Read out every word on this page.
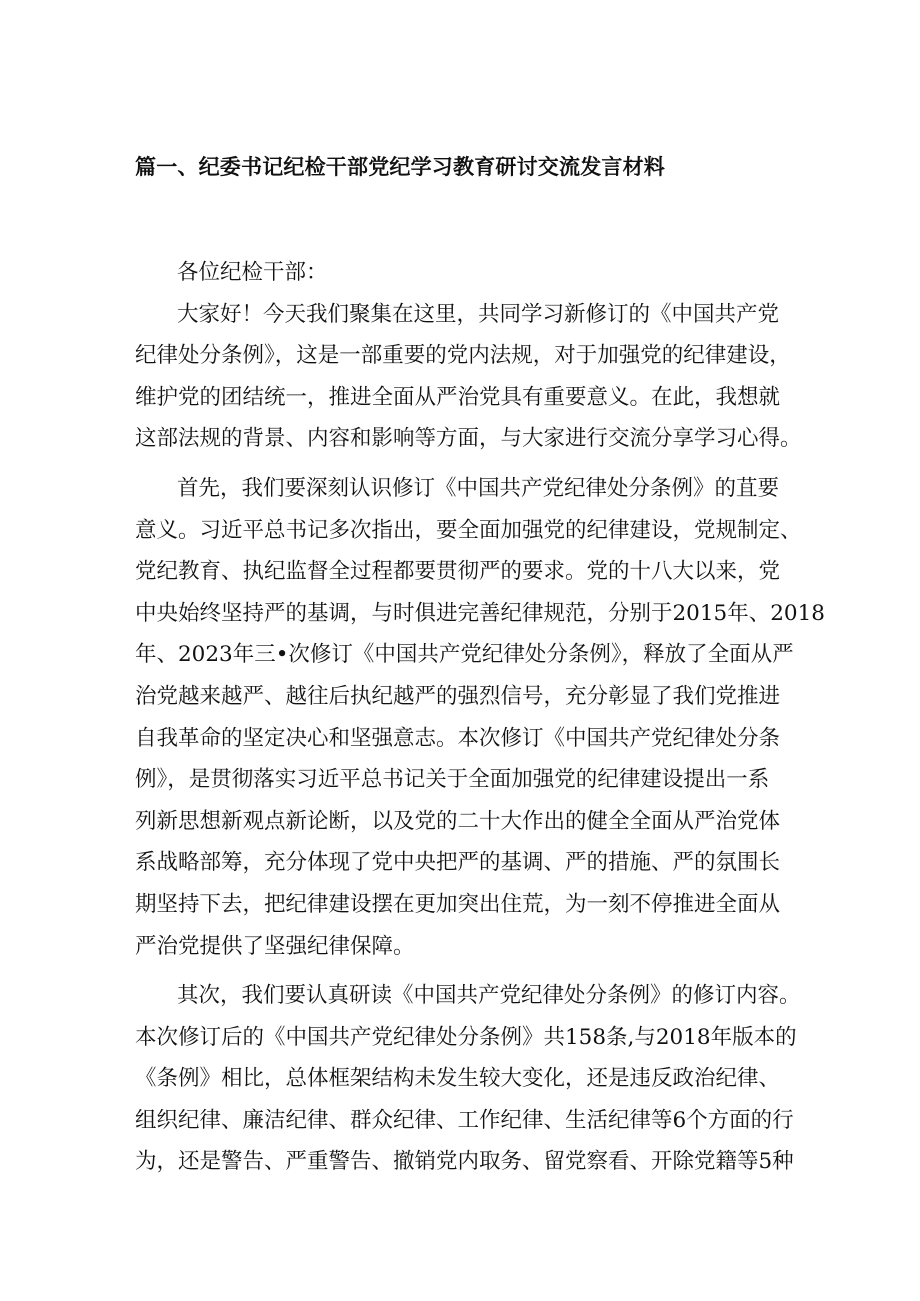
篇一、纪委书记纪检干部党纪学习教育研讨交流发言材料
各位纪检干部：
大家好！今天我们聚集在这里，共同学习新修订的《中国共产党
纪律处分条例》，这是一部重要的党内法规，对于加强党的纪律建设，
维护党的团结统一，推进全面从严治党具有重要意义。在此，我想就
这部法规的背景、内容和影响等方面，与大家进行交流分享学习心得。
首先，我们要深刻认识修订《中国共产党纪律处分条例》的苴要
意义。习近平总书记多次指出，要全面加强党的纪律建设，党规制定、
党纪教育、执纪监督全过程都要贯彻严的要求。党的十八大以来，党
中央始终坚持严的基调，与时俱进完善纪律规范，分别于2015年、2018
年、2023年三•次修订《中国共产党纪律处分条例》，释放了全面从严
治党越来越严、越往后执纪越严的强烈信号，充分彰显了我们党推进
自我革命的坚定决心和坚强意志。本次修订《中国共产党纪律处分条
例》，是贯彻落实习近平总书记关于全面加强党的纪律建设提出一系
列新思想新观点新论断，以及党的二十大作出的健全全面从严治党体
系战略部筹，充分体现了党中央把严的基调、严的措施、严的氛围长
期坚持下去，把纪律建设摆在更加突出住荒，为一刻不停推进全面从
严治党提供了坚强纪律保障。
其次，我们要认真研读《中国共产党纪律处分条例》的修订内容。
本次修订后的《中国共产党纪律处分条例》共158条,与2018年版本的
《条例》相比，总体框架结构未发生较大变化，还是违反政治纪律、
组织纪律、廉洁纪律、群众纪律、工作纪律、生活纪律等6个方面的行
为，还是警告、严重警告、撤销党内取务、留党察看、开除党籍等5种
